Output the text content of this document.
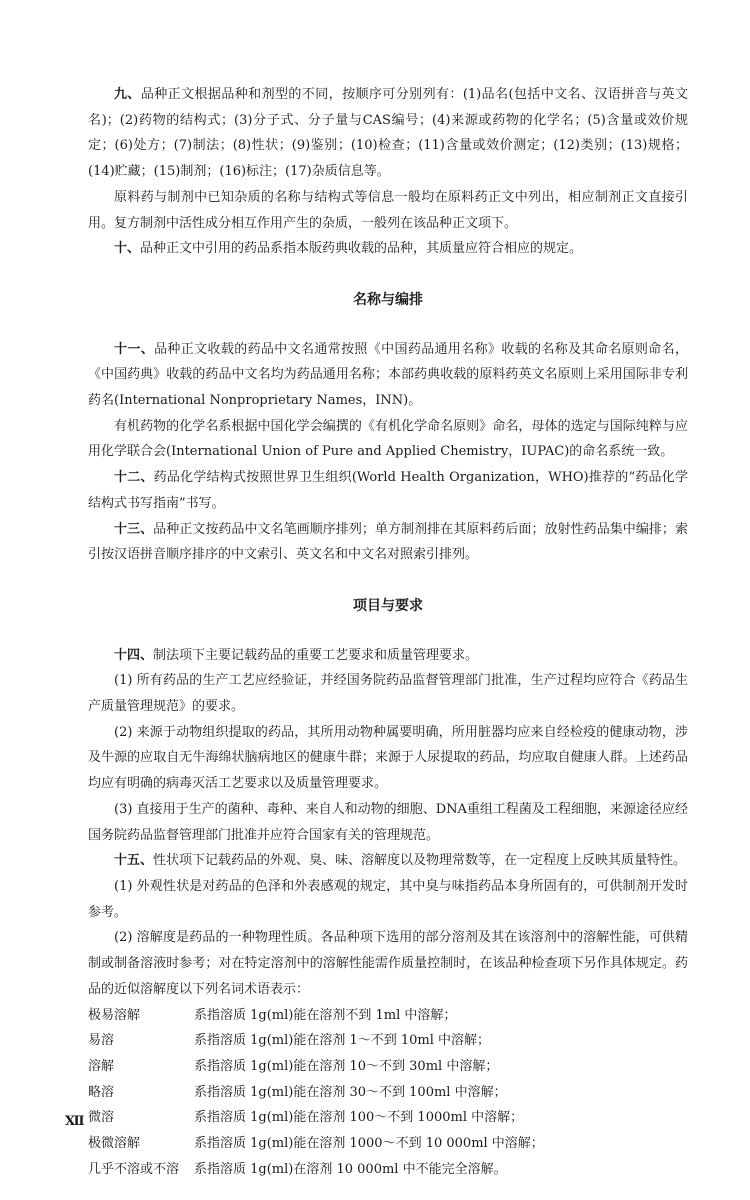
九、品种正文根据品种和剂型的不同，按顺序可分别列有：(1)品名(包括中文名、汉语拼音与英文名)；(2)药物的结构式；(3)分子式、分子量与CAS编号；(4)来源或药物的化学名；(5)含量或效价规定；(6)处方；(7)制法；(8)性状；(9)鉴别；(10)检查；(11)含量或效价测定；(12)类别；(13)规格；(14)贮藏；(15)制剂；(16)标注；(17)杂质信息等。

原料药与制剂中已知杂质的名称与结构式等信息一般均在原料药正文中列出，相应制剂正文直接引用。复方制剂中活性成分相互作用产生的杂质，一般列在该品种正文项下。

十、品种正文中引用的药品系指本版药典收载的品种，其质量应符合相应的规定。

名称与编排

十一、品种正文收载的药品中文名通常按照《中国药品通用名称》收载的名称及其命名原则命名，《中国药典》收载的药品中文名均为药品通用名称；本部药典收载的原料药英文名原则上采用国际非专利药名(International Nonproprietary Names，INN)。

有机药物的化学名系根据中国化学会编撰的《有机化学命名原则》命名，母体的选定与国际纯粹与应用化学联合会(International Union of Pure and Applied Chemistry，IUPAC)的命名系统一致。

十二、药品化学结构式按照世界卫生组织(World Health Organization，WHO)推荐的“药品化学结构式书写指南”书写。

十三、品种正文按药品中文名笔画顺序排列；单方制剂排在其原料药后面；放射性药品集中编排；索引按汉语拼音顺序排序的中文索引、英文名和中文名对照索引排列。

项目与要求

十四、制法项下主要记载药品的重要工艺要求和质量管理要求。

(1) 所有药品的生产工艺应经验证，并经国务院药品监督管理部门批准，生产过程均应符合《药品生产质量管理规范》的要求。

(2) 来源于动物组织提取的药品，其所用动物种属要明确，所用脏器均应来自经检疫的健康动物，涉及牛源的应取自无牛海绵状脑病地区的健康牛群；来源于人尿提取的药品，均应取自健康人群。上述药品均应有明确的病毒灭活工艺要求以及质量管理要求。

(3) 直接用于生产的菌种、毒种、来自人和动物的细胞、DNA重组工程菌及工程细胞，来源途径应经国务院药品监督管理部门批准并应符合国家有关的管理规范。

十五、性状项下记载药品的外观、臭、味、溶解度以及物理常数等，在一定程度上反映其质量特性。

(1) 外观性状是对药品的色泽和外表感观的规定，其中臭与味指药品本身所固有的，可供制剂开发时参考。

(2) 溶解度是药品的一种物理性质。各品种项下选用的部分溶剂及其在该溶剂中的溶解性能，可供精制或制备溶液时参考；对在特定溶剂中的溶解性能需作质量控制时，在该品种检查项下另作具体规定。药品的近似溶解度以下列名词术语表示：

极易溶解	系指溶质 1g(ml)能在溶剂不到 1ml 中溶解；
易溶	系指溶质 1g(ml)能在溶剂 1～不到 10ml 中溶解；
溶解	系指溶质 1g(ml)能在溶剂 10～不到 30ml 中溶解；
略溶	系指溶质 1g(ml)能在溶剂 30～不到 100ml 中溶解；
微溶	系指溶质 1g(ml)能在溶剂 100～不到 1000ml 中溶解；
极微溶解	系指溶质 1g(ml)能在溶剂 1000～不到 10 000ml 中溶解；
几乎不溶或不溶	系指溶质 1g(ml)在溶剂 10 000ml 中不能完全溶解。
Ⅻ
